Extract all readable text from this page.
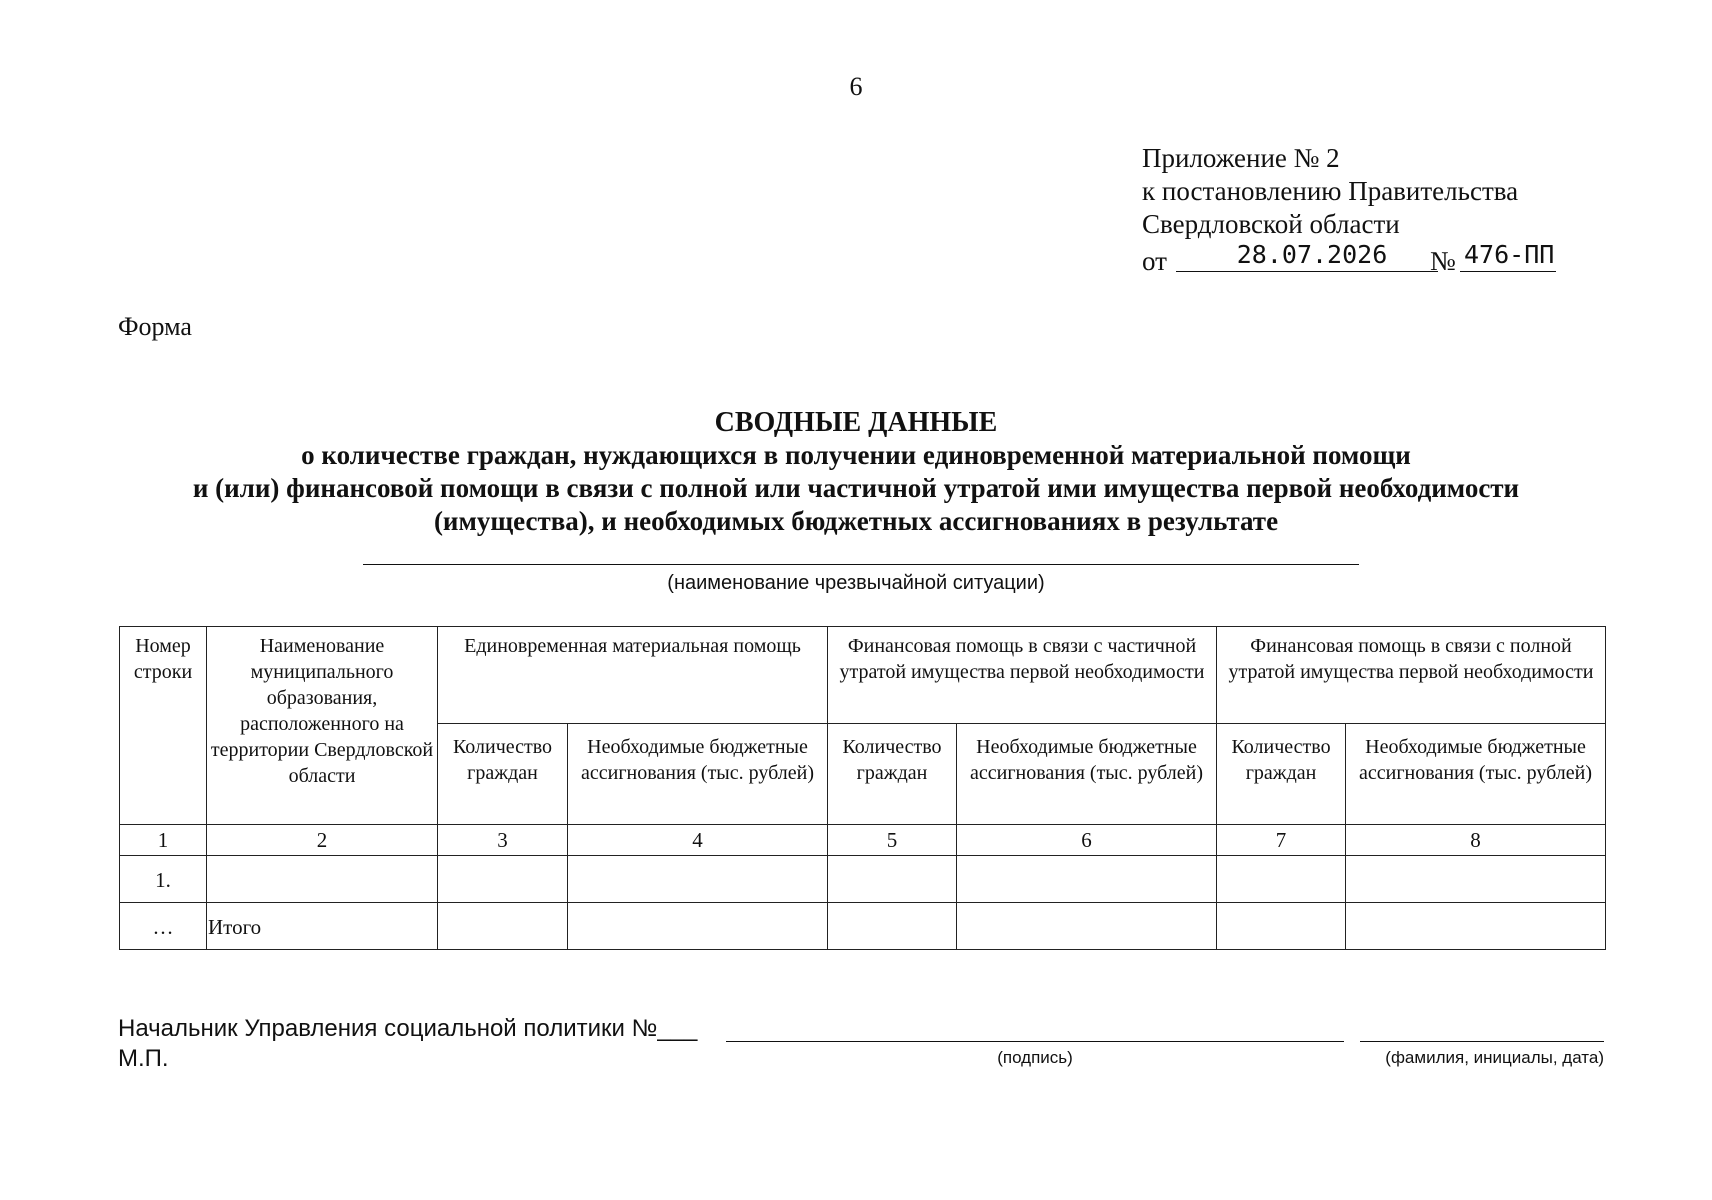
6
Приложение № 2
к постановлению Правительства
Свердловской области
от	28.07.2026	№ 476-ПП
Форма
СВОДНЫЕ ДАННЫЕ
о количестве граждан, нуждающихся в получении единовременной материальной помощи
и (или) финансовой помощи в связи с полной или частичной утратой ими имущества первой необходимости
(имущества), и необходимых бюджетных ассигнованиях в результате
(наименование чрезвычайной ситуации)
Номер строки	Наименование муниципального образования, расположенного на территории Свердловской области	Единовременная материальная помощь		Финансовая помощь в связи с частичной утратой имущества первой необходимости		Финансовая помощь в связи с полной утратой имущества первой необходимости	
		Количество граждан	Необходимые бюджетные ассигнования (тыс. рублей)	Количество граждан	Необходимые бюджетные ассигнования (тыс. рублей)	Количество граждан	Необходимые бюджетные ассигнования (тыс. рублей)
1	2	3	4	5	6	7	8
1.							
…	Итого						
Начальник Управления социальной политики №___
М.П.	(подпись)	(фамилия, инициалы, дата)
